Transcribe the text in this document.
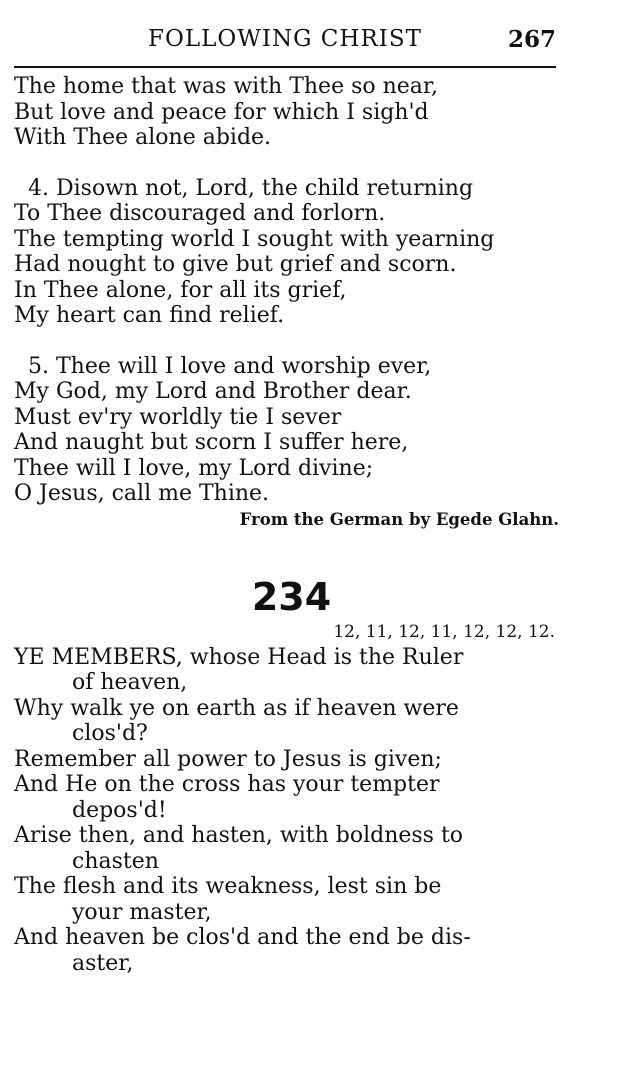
FOLLOWING CHRIST	267
The home that was with Thee so near,
But love and peace for which I sigh'd
With Thee alone abide.
4. Disown not, Lord, the child returning
To Thee discouraged and forlorn.
The tempting world I sought with yearning
Had nought to give but grief and scorn.
In Thee alone, for all its grief,
My heart can find relief.
5. Thee will I love and worship ever,
My God, my Lord and Brother dear.
Must ev'ry worldly tie I sever
And naught but scorn I suffer here,
Thee will I love, my Lord divine;
O Jesus, call me Thine.
From the German by Egede Glahn.
234
12, 11, 12, 11, 12, 12, 12.
YE MEMBERS, whose Head is the Ruler
of heaven,
Why walk ye on earth as if heaven were
clos'd?
Remember all power to Jesus is given;
And He on the cross has your tempter
depos'd!
Arise then, and hasten, with boldness to
chasten
The flesh and its weakness, lest sin be
your master,
And heaven be clos'd and the end be dis-
aster,
